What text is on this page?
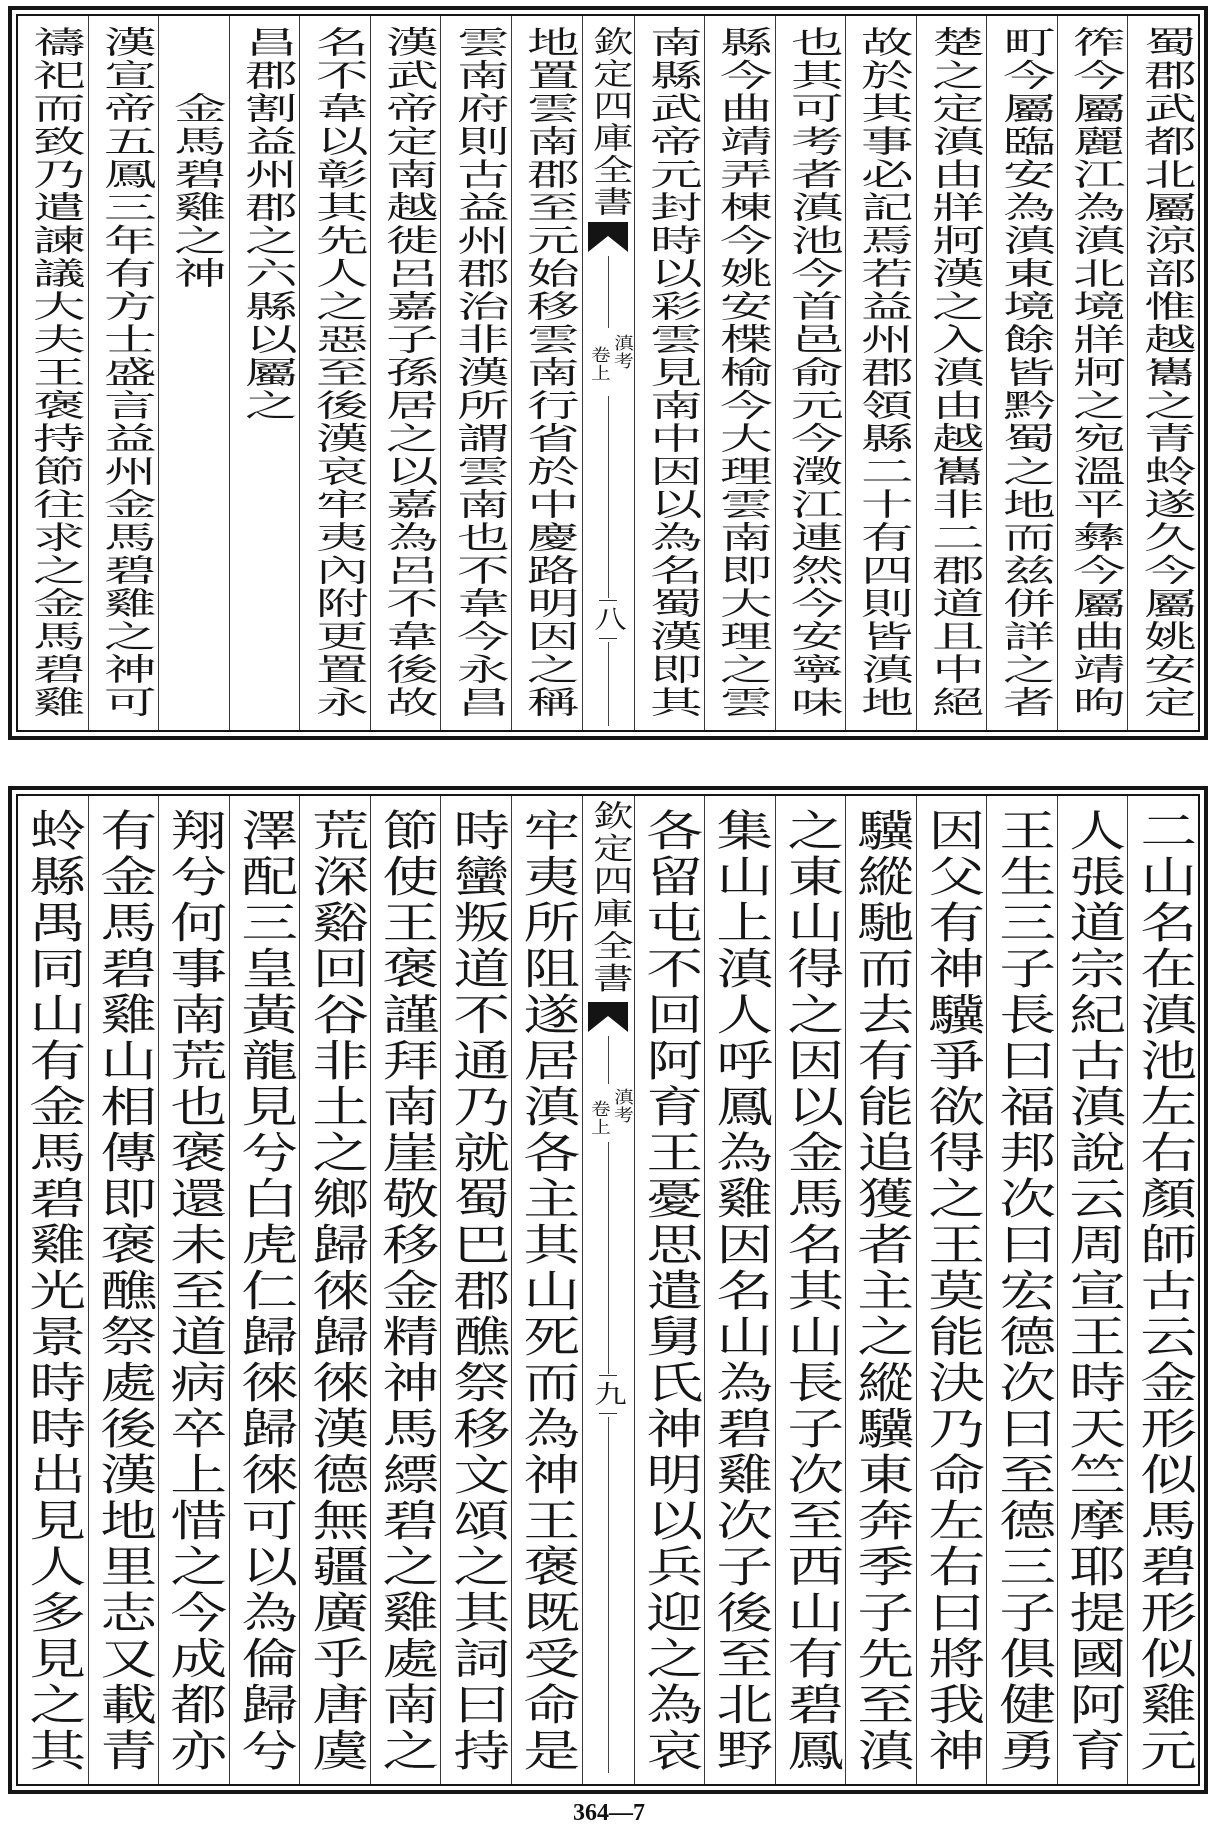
蜀郡武都北屬涼部惟越巂之青蛉遂久今屬姚安定
筰今屬麗江為滇北境牂牁之宛溫平彝今屬曲靖昫
町今屬臨安為滇東境餘皆黔蜀之地而兹併詳之者
楚之定滇由牂牁漢之入滇由越巂非二郡道且中絕
故於其事必記焉若益州郡領縣二十有四則皆滇地
也其可考者滇池今首邑俞元今澂江連然今安寧味
縣今曲靖弄棟今姚安楪榆今大理雲南即大理之雲
南縣武帝元封時以彩雲見南中因以為名蜀漢即其
欽定四庫全書
滇考
卷上
八
地置雲南郡至元始移雲南行省於中慶路明因之稱
雲南府則古益州郡治非漢所謂雲南也不韋今永昌
漢武帝定南越徙呂嘉子孫居之以嘉為呂不韋後故
名不韋以彰其先人之惡至後漢哀牢夷內附更置永
昌郡割益州郡之六縣以屬之
金馬碧雞之神
漢宣帝五鳳三年有方士盛言益州金馬碧雞之神可
禱祀而致乃遣諫議大夫王褒持節往求之金馬碧雞
二山名在滇池左右顏師古云金形似馬碧形似雞元
人張道宗紀古滇說云周宣王時天竺摩耶提國阿育
王生三子長曰福邦次曰宏德次曰至德三子俱健勇
因父有神驥爭欲得之王莫能決乃命左右曰將我神
驥縱馳而去有能追獲者主之縱驥東奔季子先至滇
之東山得之因以金馬名其山長子次至西山有碧鳳
集山上滇人呼鳳為雞因名山為碧雞次子後至北野
各留屯不回阿育王憂思遣舅氏神明以兵迎之為哀
欽定四庫全書
滇考
卷上
九
牢夷所阻遂居滇各主其山死而為神王褒既受命是
時蠻叛道不通乃就蜀巴郡醮祭移文頌之其詞曰持
節使王褒謹拜南崖敬移金精神馬縹碧之雞處南之
荒深谿回谷非土之鄉歸徠歸徠漢德無疆廣乎唐虞
澤配三皇黃龍見兮白虎仁歸徠歸徠可以為倫歸兮
翔兮何事南荒也褒還未至道病卒上惜之今成都亦
有金馬碧雞山相傳即褒醮祭處後漢地里志又載青
蛉縣禺同山有金馬碧雞光景時時出見人多見之其
364—7
